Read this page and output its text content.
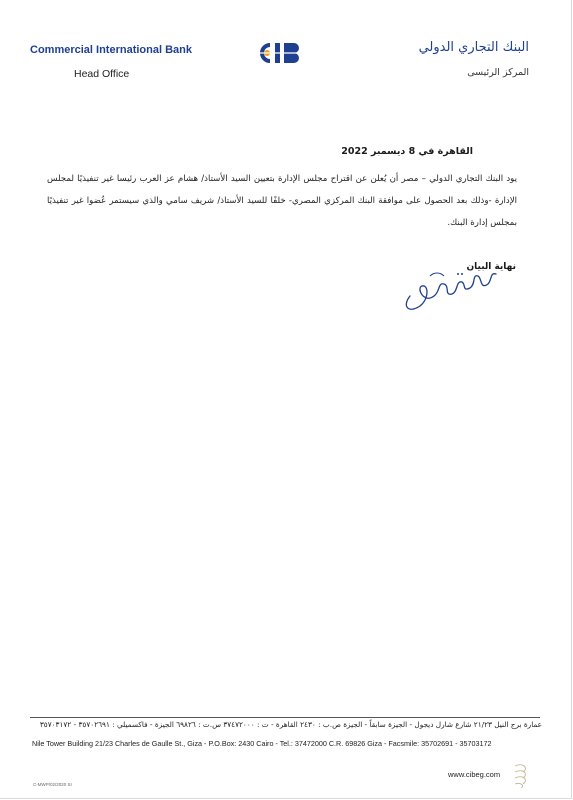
Commercial International Bank
Head Office
البنك التجاري الدولي
المركز الرئيسى
القاهرة في 8 ديسمبر 2022
يود البنك التجاري الدولي – مصر أن يُعلن عن اقتراح مجلس الإدارة بتعيين السيد الأستاذ/ هشام عز العرب رئيسا غير تنفيذيًا لمجلس الإدارة -وذلك بعد الحصول على موافقة البنك المركزي المصري- خلفًا للسيد الأستاذ/ شريف سامي والذي سيستمر عُضوا غير تنفيذيًا بمجلس إدارة البنك.
نهاية البيان
عمارة برج النيل ٢١/٢٣ شارع شارل ديجول - الجيزة سابقاً - الجيزة ص.ب : ٢٤٣٠ القاهرة - ت : ٣٧٤٧٢٠٠٠ س.ت : ٦٩٨٢٦ الجيزة - فاكسميلي : ٣٥٧٠٢٦٩١ - ٣٥٧٠٣١٧٢
Nile Tower Building 21/23 Charles de Gaulle St., Giza - P.O.Box: 2430 Cairo - Tel.: 37472000 C.R. 69826 Giza - Facsmile: 35702691 - 35703172
C-MWP/02/2020 SI
www.cibeg.com
